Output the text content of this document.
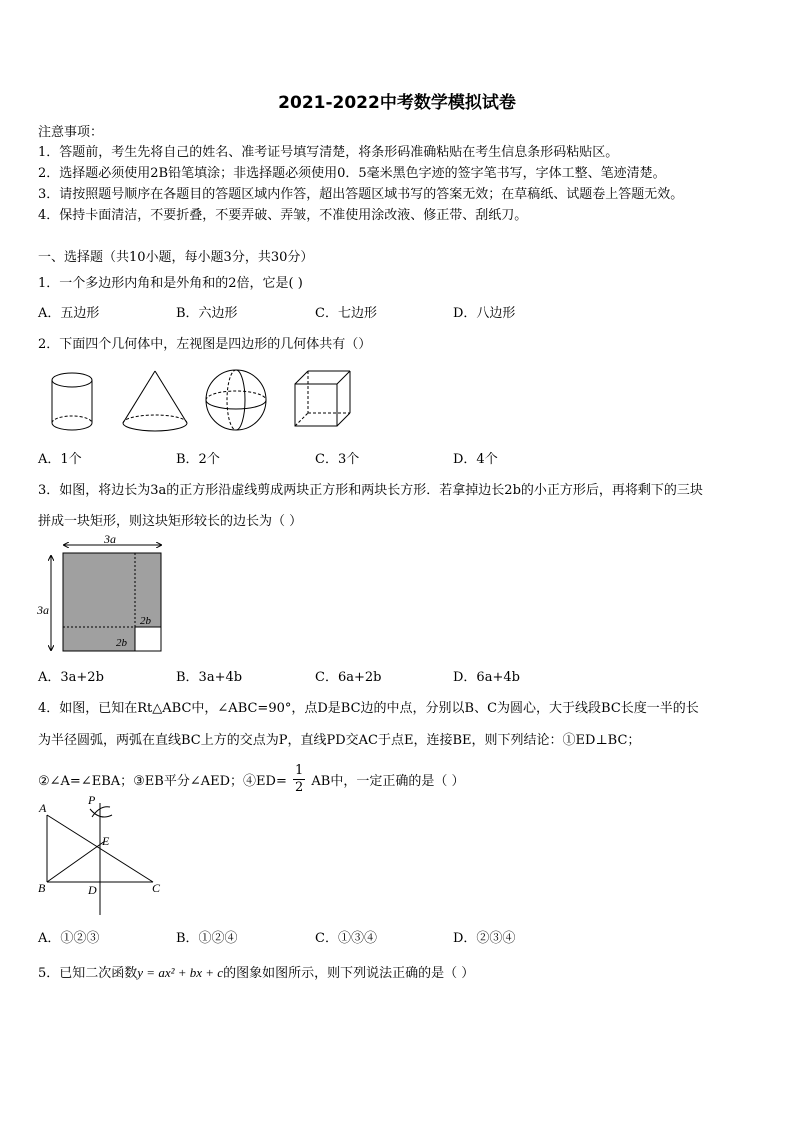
2021-2022中考数学模拟试卷
注意事项：
1．答题前，考生先将自己的姓名、准考证号填写清楚，将条形码准确粘贴在考生信息条形码粘贴区。
2．选择题必须使用2B铅笔填涂；非选择题必须使用0．5毫米黑色字迹的签字笔书写，字体工整、笔迹清楚。
3．请按照题号顺序在各题目的答题区域内作答，超出答题区域书写的答案无效；在草稿纸、试题卷上答题无效。
4．保持卡面清洁，不要折叠，不要弄破、弄皱，不准使用涂改液、修正带、刮纸刀。
一、选择题（共10小题，每小题3分，共30分）
1．一个多边形内角和是外角和的2倍，它是( )
A．五边形	B．六边形	C．七边形	D．八边形
2．下面四个几何体中，左视图是四边形的几何体共有（）
A．1个	B．2个	C．3个	D．4个
3．如图，将边长为3a的正方形沿虚线剪成两块正方形和两块长方形．若拿掉边长2b的小正方形后，再将剩下的三块
拼成一块矩形，则这块矩形较长的边长为（ ）
3a
3a
2b
2b
A．3a+2b	B．3a+4b	C．6a+2b	D．6a+4b
4．如图，已知在Rt△ABC中，∠ABC=90°，点D是BC边的中点，分别以B、C为圆心，大于线段BC长度一半的长
为半径圆弧，两弧在直线BC上方的交点为P，直线PD交AC于点E，连接BE，则下列结论：①ED⊥BC；
②∠A=∠EBA；③EB平分∠AED；④ED= $\frac{1}{2}$ AB中，一定正确的是（ ）
A
P
E
B	D	C
A．①②③	B．①②④	C．①③④	D．②③④
5．已知二次函数y = ax² + bx + c的图象如图所示，则下列说法正确的是（ ）
